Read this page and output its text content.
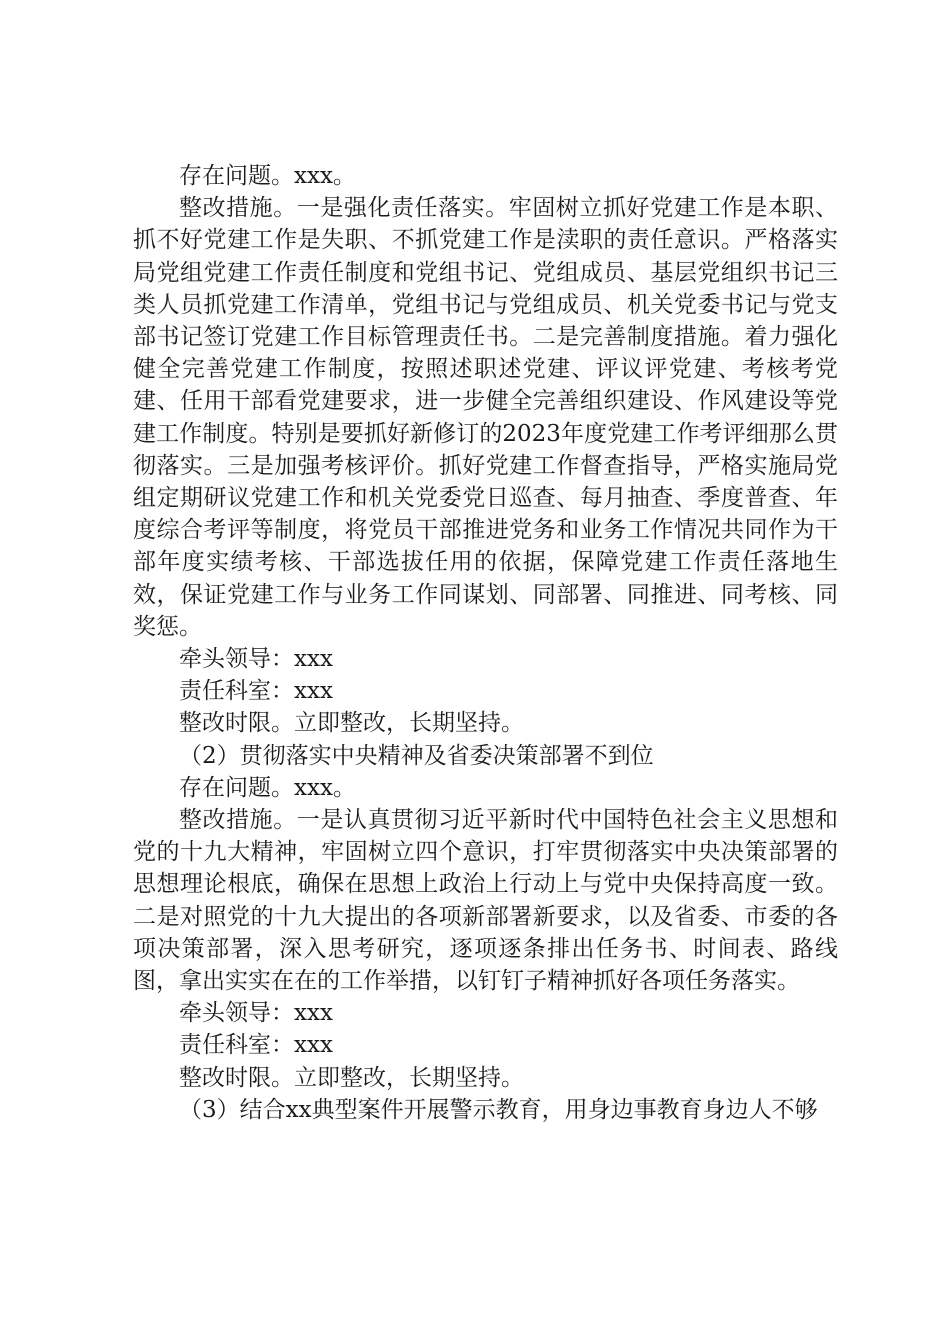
存在问题。xxx。

整改措施。一是强化责任落实。牢固树立抓好党建工作是本职、抓不好党建工作是失职、不抓党建工作是渎职的责任意识。严格落实局党组党建工作责任制度和党组书记、党组成员、基层党组织书记三类人员抓党建工作清单，党组书记与党组成员、机关党委书记与党支部书记签订党建工作目标管理责任书。二是完善制度措施。着力强化健全完善党建工作制度，按照述职述党建、评议评党建、考核考党建、任用干部看党建要求，进一步健全完善组织建设、作风建设等党建工作制度。特别是要抓好新修订的2023年度党建工作考评细那么贯彻落实。三是加强考核评价。抓好党建工作督查指导，严格实施局党组定期研议党建工作和机关党委党日巡查、每月抽查、季度普查、年度综合考评等制度，将党员干部推进党务和业务工作情况共同作为干部年度实绩考核、干部选拔任用的依据，保障党建工作责任落地生效，保证党建工作与业务工作同谋划、同部署、同推进、同考核、同奖惩。

牵头领导：xxx

责任科室：xxx

整改时限。立即整改，长期坚持。

（2）贯彻落实中央精神及省委决策部署不到位

存在问题。xxx。

整改措施。一是认真贯彻习近平新时代中国特色社会主义思想和党的十九大精神，牢固树立四个意识，打牢贯彻落实中央决策部署的思想理论根底，确保在思想上政治上行动上与党中央保持高度一致。二是对照党的十九大提出的各项新部署新要求，以及省委、市委的各项决策部署，深入思考研究，逐项逐条排出任务书、时间表、路线图，拿出实实在在的工作举措，以钉钉子精神抓好各项任务落实。

牵头领导：xxx

责任科室：xxx

整改时限。立即整改，长期坚持。

（3）结合xx典型案件开展警示教育，用身边事教育身边人不够
